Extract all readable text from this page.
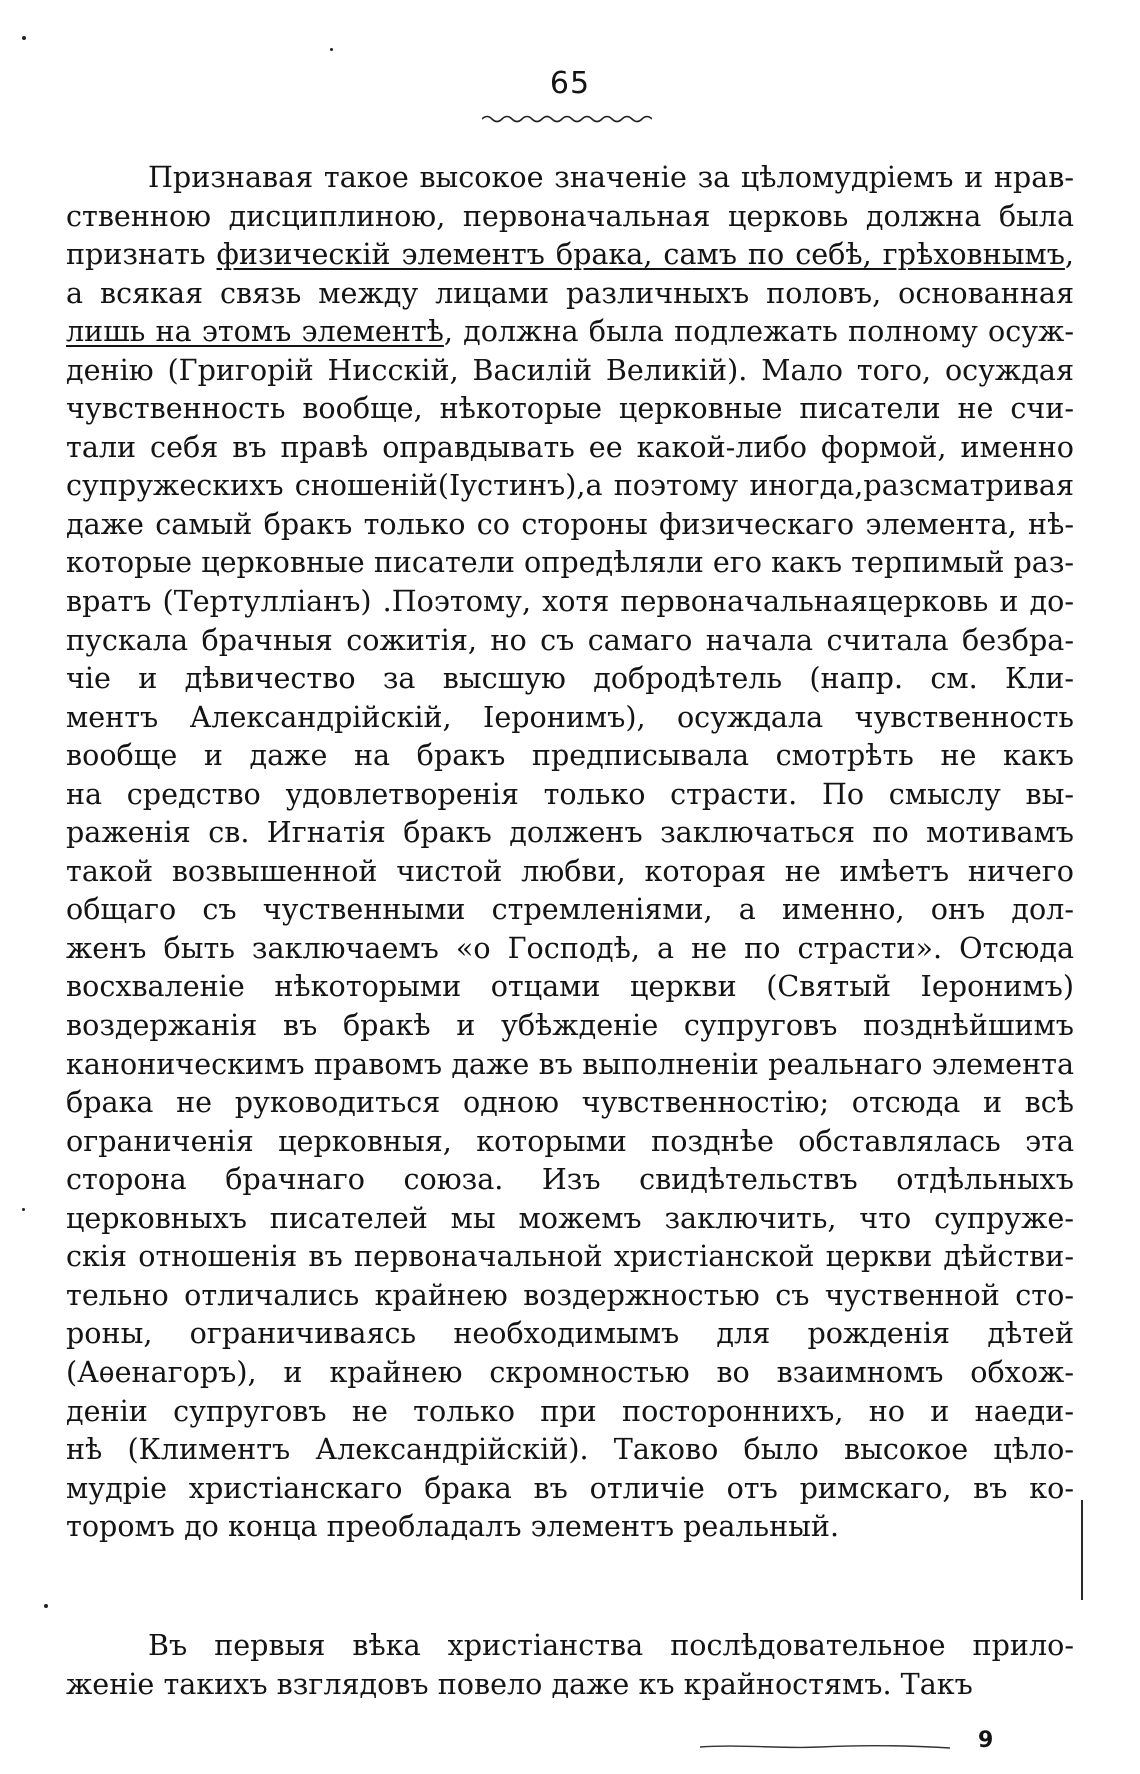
65
Признавая такое высокое значеніе за цѣломудріемъ и нрав-
ственною дисциплиною, первоначальная церковь должна была
признать физическій элементъ брака, самъ по себѣ, грѣховнымъ,
а всякая связь между лицами различныхъ половъ, основанная
лишь на этомъ элементѣ, должна была подлежать полному осуж-
денію (Григорій Нисскій, Василій Великій). Мало того, осуждая
чувственность вообще, нѣкоторые церковные писатели не счи-
тали себя въ правѣ оправдывать ее какой-либо формой, именно
супружескихъ сношеній(Іустинъ),а поэтому иногда,разсматривая
даже самый бракъ только со стороны физическаго элемента, нѣ-
которые церковные писатели опредѣляли его какъ терпимый раз-
вратъ (Тертулліанъ) .Поэтому, хотя первоначальнаяцерковь и до-
пускала брачныя сожитія, но съ самаго начала считала безбра-
чіе и дѣвичество за высшую добродѣтель (напр. см. Кли-
ментъ Александрійскій, Іеронимъ), осуждала чувственность
вообще и даже на бракъ предписывала смотрѣть не какъ
на средство удовлетворенія только страсти. По смыслу вы-
раженія св. Игнатія бракъ долженъ заключаться по мотивамъ
такой возвышенной чистой любви, которая не имѣетъ ничего
общаго съ чуственными стремленіями, а именно, онъ дол-
женъ быть заключаемъ «о Господѣ, а не по страсти». Отсюда
восхваленіе нѣкоторыми отцами церкви (Святый Іеронимъ)
воздержанія въ бракѣ и убѣжденіе супруговъ позднѣйшимъ
каноническимъ правомъ даже въ выполненіи реальнаго элемента
брака не руководиться одною чувственностію; отсюда и всѣ
ограниченія церковныя, которыми позднѣе обставлялась эта
сторона брачнаго союза. Изъ свидѣтельствъ отдѣльныхъ
церковныхъ писателей мы можемъ заключить, что супруже-
скія отношенія въ первоначальной христіанской церкви дѣйстви-
тельно отличались крайнею воздержностью съ чуственной сто-
роны, ограничиваясь необходимымъ для рожденія дѣтей
(Аѳенагоръ), и крайнею скромностью во взаимномъ обхож-
деніи супруговъ не только при постороннихъ, но и наеди-
нѣ (Климентъ Александрійскій). Таково было высокое цѣло-
мудріе христіанскаго брака въ отличіе отъ римскаго, въ ко-
торомъ до конца преобладалъ элементъ реальный.
Въ первыя вѣка христіанства послѣдовательное прило-
женіе такихъ взглядовъ повело даже къ крайностямъ. Такъ
9
